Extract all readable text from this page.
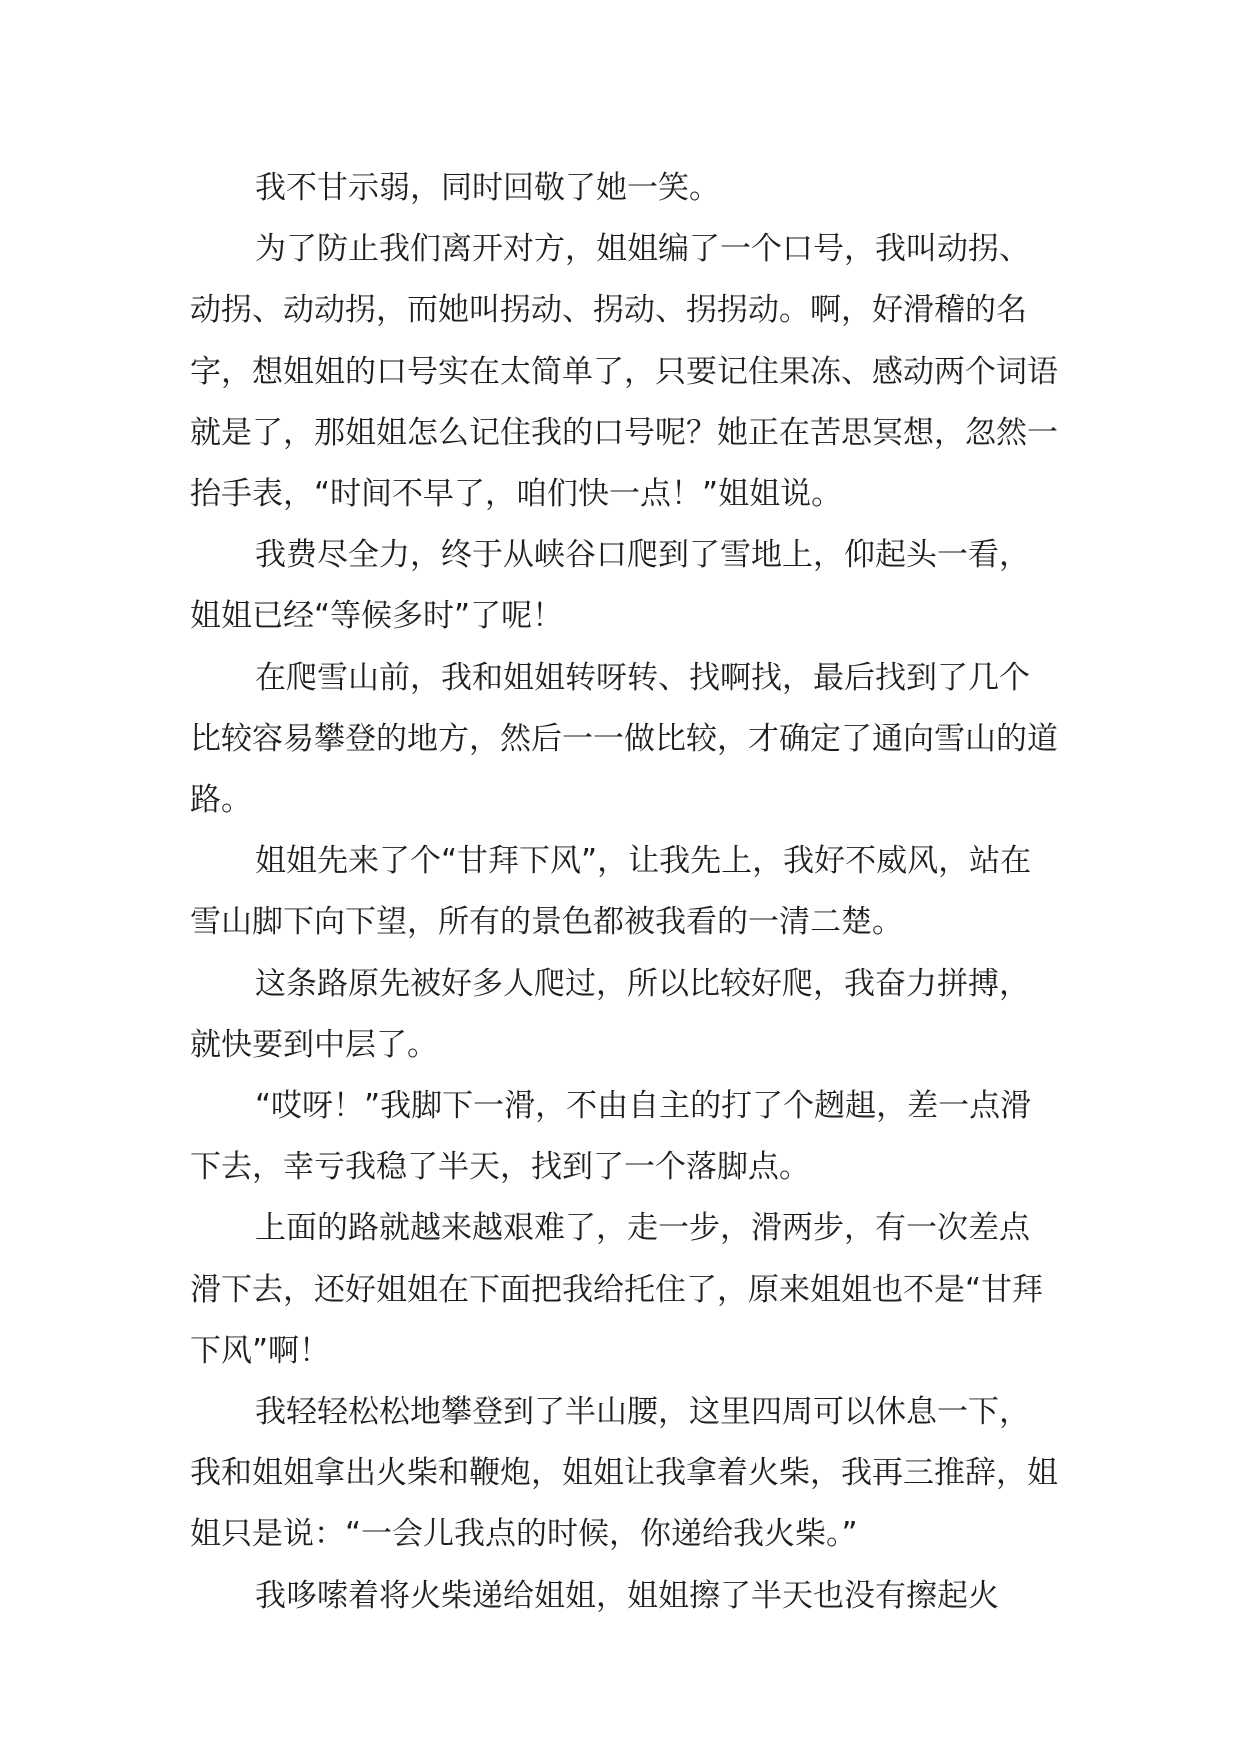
我不甘示弱，同时回敬了她一笑。

为了防止我们离开对方，姐姐编了一个口号，我叫动拐、动拐、动动拐，而她叫拐动、拐动、拐拐动。啊，好滑稽的名字，想姐姐的口号实在太简单了，只要记住果冻、感动两个词语就是了，那姐姐怎么记住我的口号呢？她正在苦思冥想，忽然一抬手表，“时间不早了，咱们快一点！”姐姐说。

我费尽全力，终于从峡谷口爬到了雪地上，仰起头一看，姐姐已经“等候多时”了呢！

在爬雪山前，我和姐姐转呀转、找啊找，最后找到了几个比较容易攀登的地方，然后一一做比较，才确定了通向雪山的道路。

姐姐先来了个“甘拜下风”，让我先上，我好不威风，站在雪山脚下向下望，所有的景色都被我看的一清二楚。

这条路原先被好多人爬过，所以比较好爬，我奋力拼搏，就快要到中层了。

“哎呀！”我脚下一滑，不由自主的打了个趔趄，差一点滑下去，幸亏我稳了半天，找到了一个落脚点。

上面的路就越来越艰难了，走一步，滑两步，有一次差点滑下去，还好姐姐在下面把我给托住了，原来姐姐也不是“甘拜下风”啊！

我轻轻松松地攀登到了半山腰，这里四周可以休息一下，我和姐姐拿出火柴和鞭炮，姐姐让我拿着火柴，我再三推辞，姐姐只是说：“一会儿我点的时候，你递给我火柴。”

我哆嗦着将火柴递给姐姐，姐姐擦了半天也没有擦起火
